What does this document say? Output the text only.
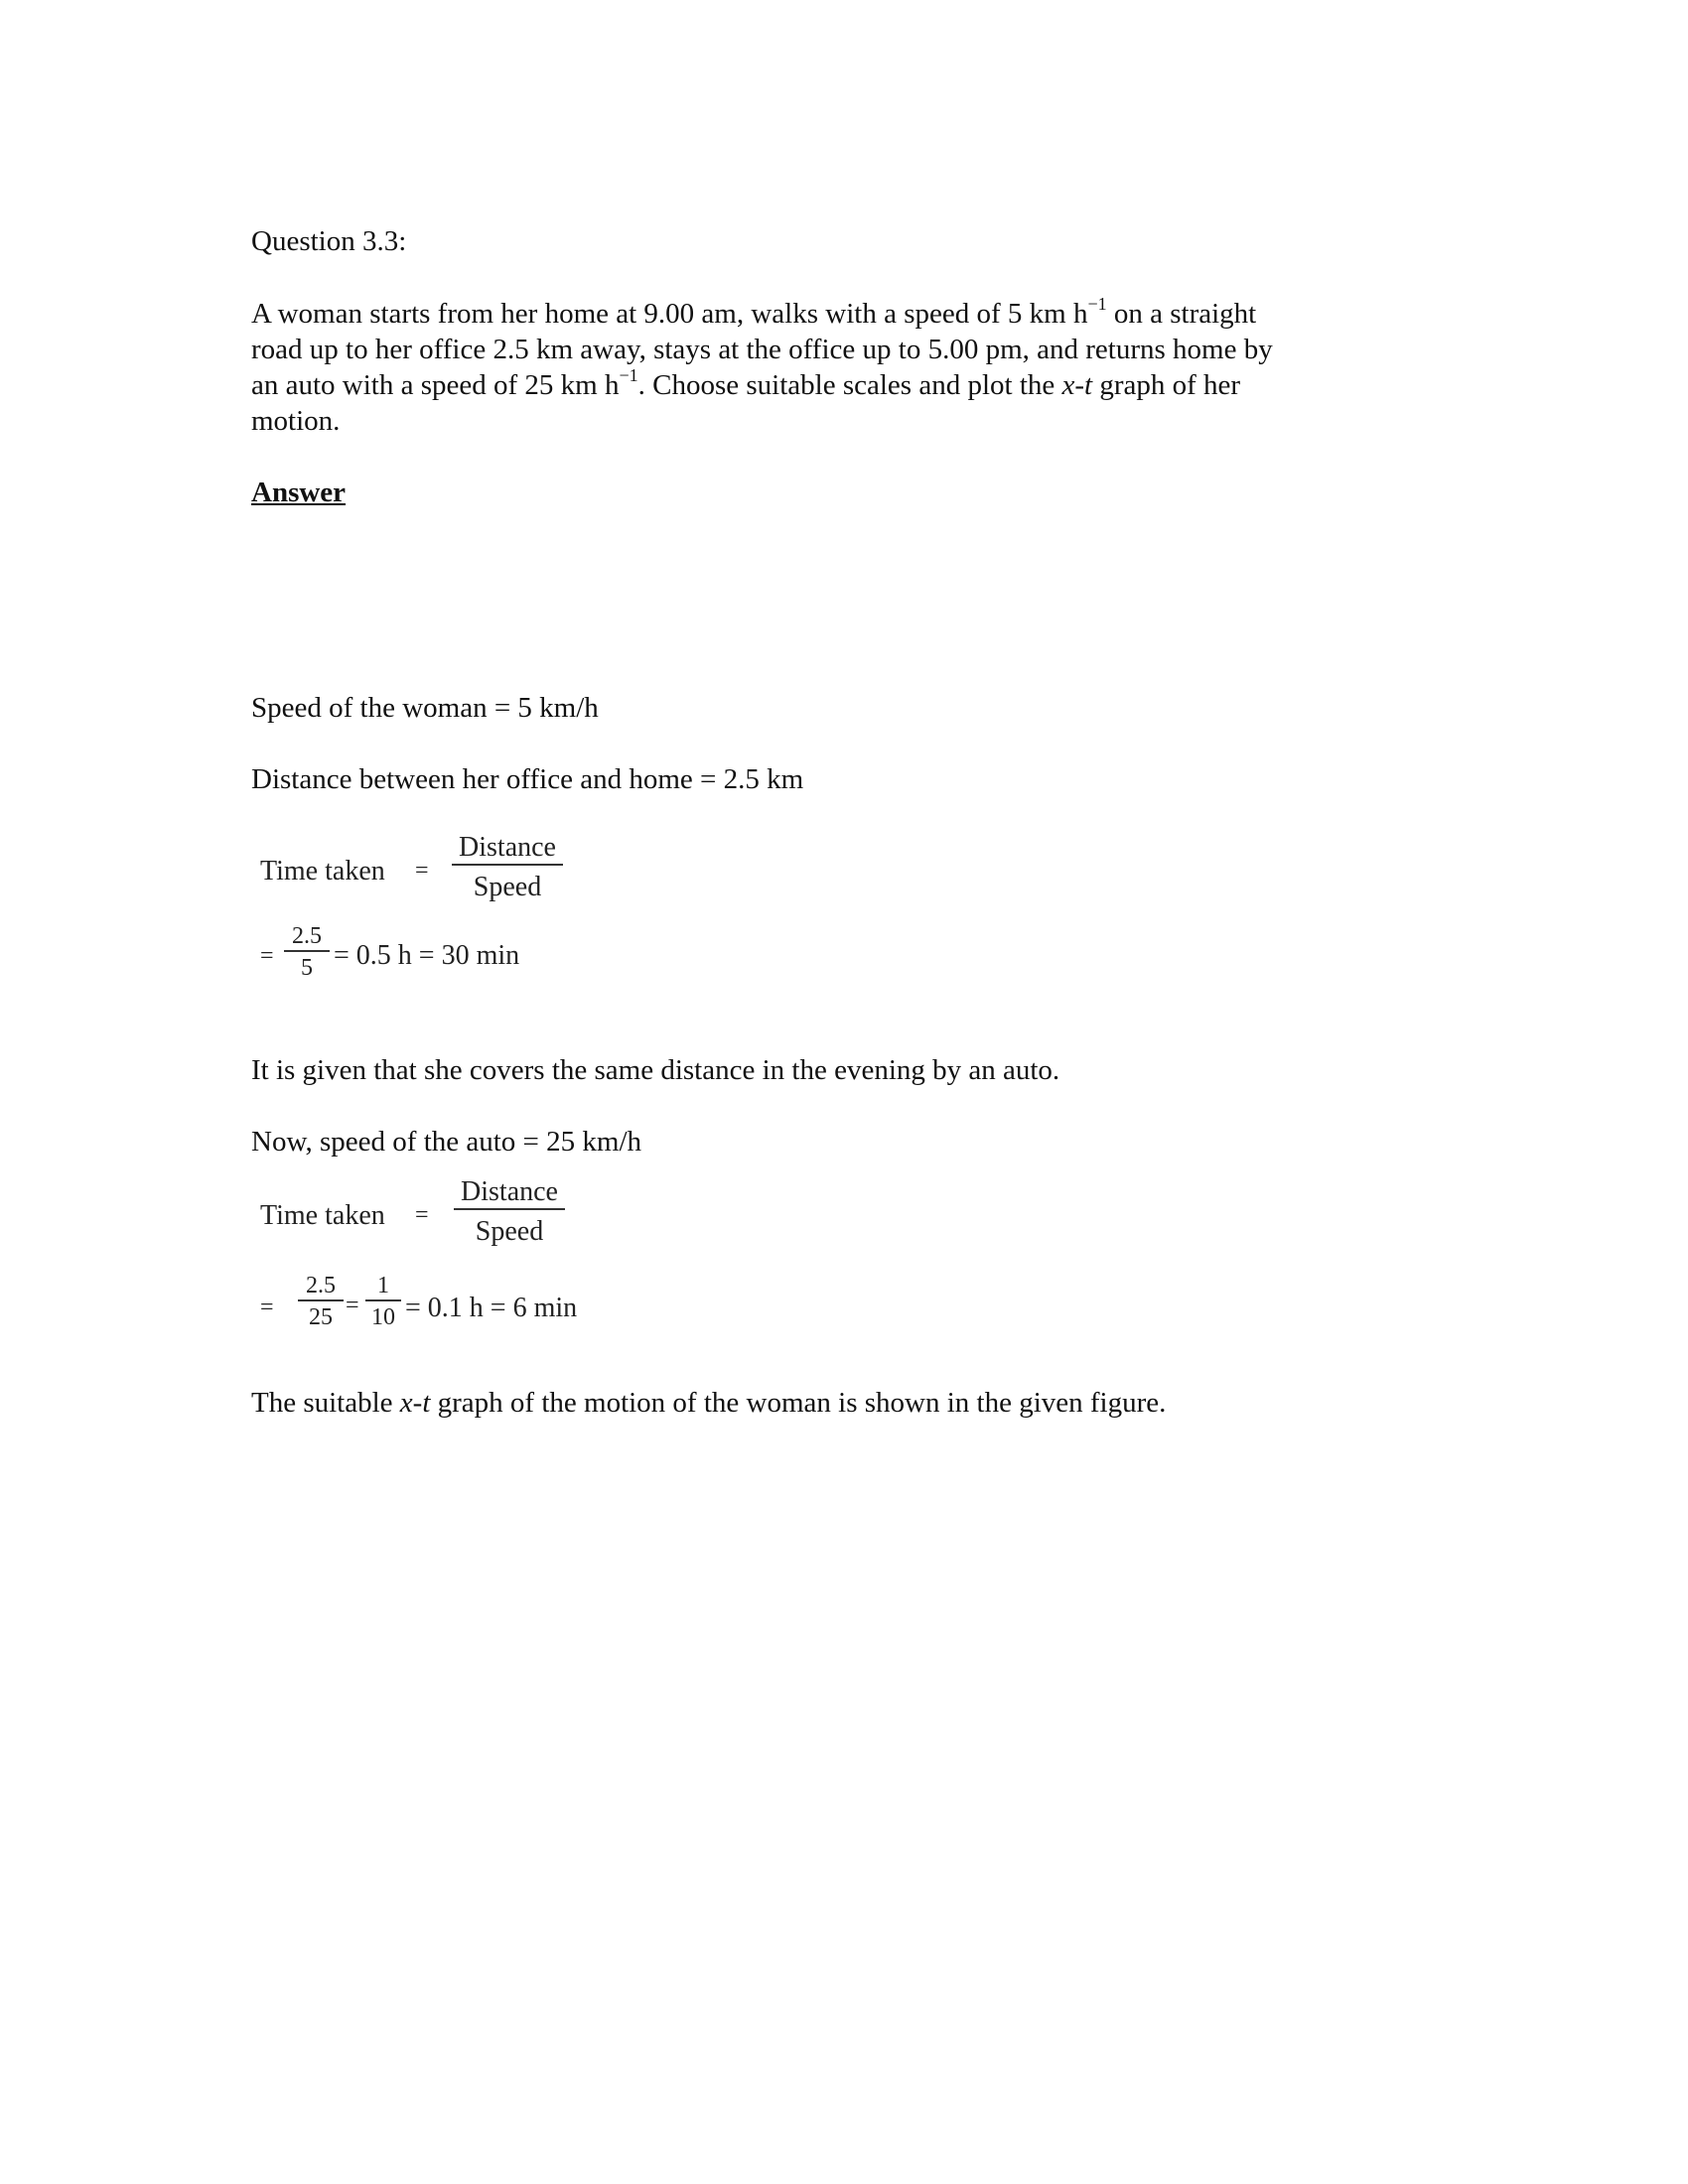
Question 3.3:

A woman starts from her home at 9.00 am, walks with a speed of 5 km $h^{-1}$ on a straight
road up to her office 2.5 km away, stays at the office up to 5.00 pm, and returns home by
an auto with a speed of 25 km $h^{-1}$. Choose suitable scales and plot the x-t graph of her
motion.

Answer

Speed of the woman = 5 km/h

Distance between her office and home = 2.5 km

Time taken =
Distance
Speed
=
2.5
5 = 0.5 h = 30 min

It is given that she covers the same distance in the evening by an auto.

Now, speed of the auto = 25 km/h

Time taken =
Distance
Speed
=
2.5
25 =
1
10 = 0.1 h = 6 min

The suitable x-t graph of the motion of the woman is shown in the given figure.
